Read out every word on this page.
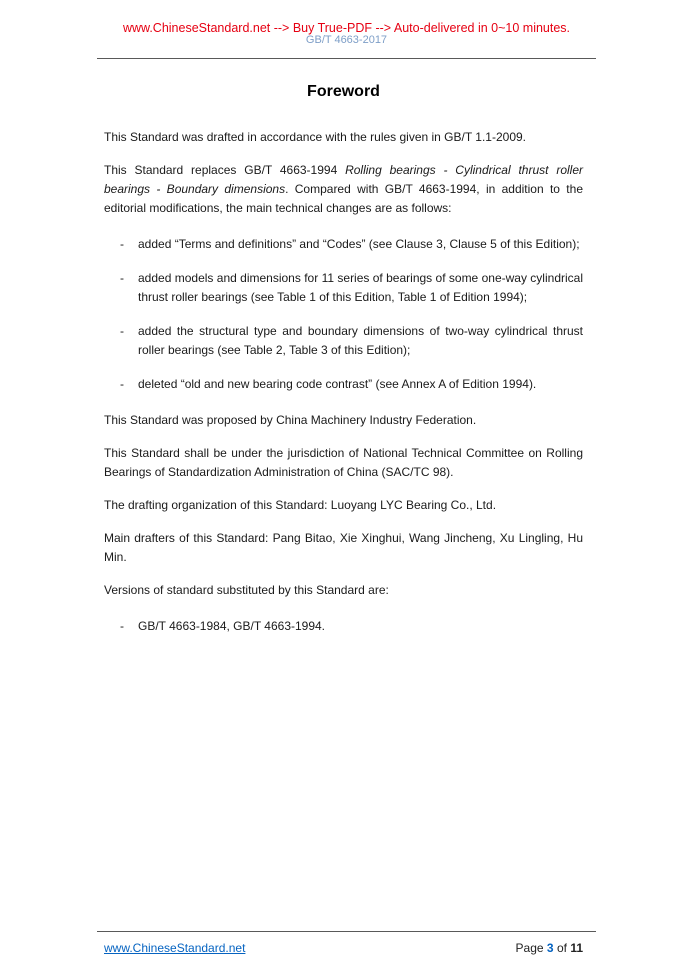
www.ChineseStandard.net --> Buy True-PDF --> Auto-delivered in 0~10 minutes.
GB/T 4663-2017
Foreword

This Standard was drafted in accordance with the rules given in GB/T 1.1-2009.

This Standard replaces GB/T 4663-1994 Rolling bearings - Cylindrical thrust roller bearings - Boundary dimensions. Compared with GB/T 4663-1994, in addition to the editorial modifications, the main technical changes are as follows:

-	added “Terms and definitions” and “Codes” (see Clause 3, Clause 5 of this Edition);
-	added models and dimensions for 11 series of bearings of some one-way cylindrical thrust roller bearings (see Table 1 of this Edition, Table 1 of Edition 1994);
-	added the structural type and boundary dimensions of two-way cylindrical thrust roller bearings (see Table 2, Table 3 of this Edition);
-	deleted “old and new bearing code contrast” (see Annex A of Edition 1994).

This Standard was proposed by China Machinery Industry Federation.

This Standard shall be under the jurisdiction of National Technical Committee on Rolling Bearings of Standardization Administration of China (SAC/TC 98).

The drafting organization of this Standard: Luoyang LYC Bearing Co., Ltd.

Main drafters of this Standard: Pang Bitao, Xie Xinghui, Wang Jincheng, Xu Lingling, Hu Min.

Versions of standard substituted by this Standard are:

-	GB/T 4663-1984, GB/T 4663-1994.
www.ChineseStandard.net	Page 3 of 11
